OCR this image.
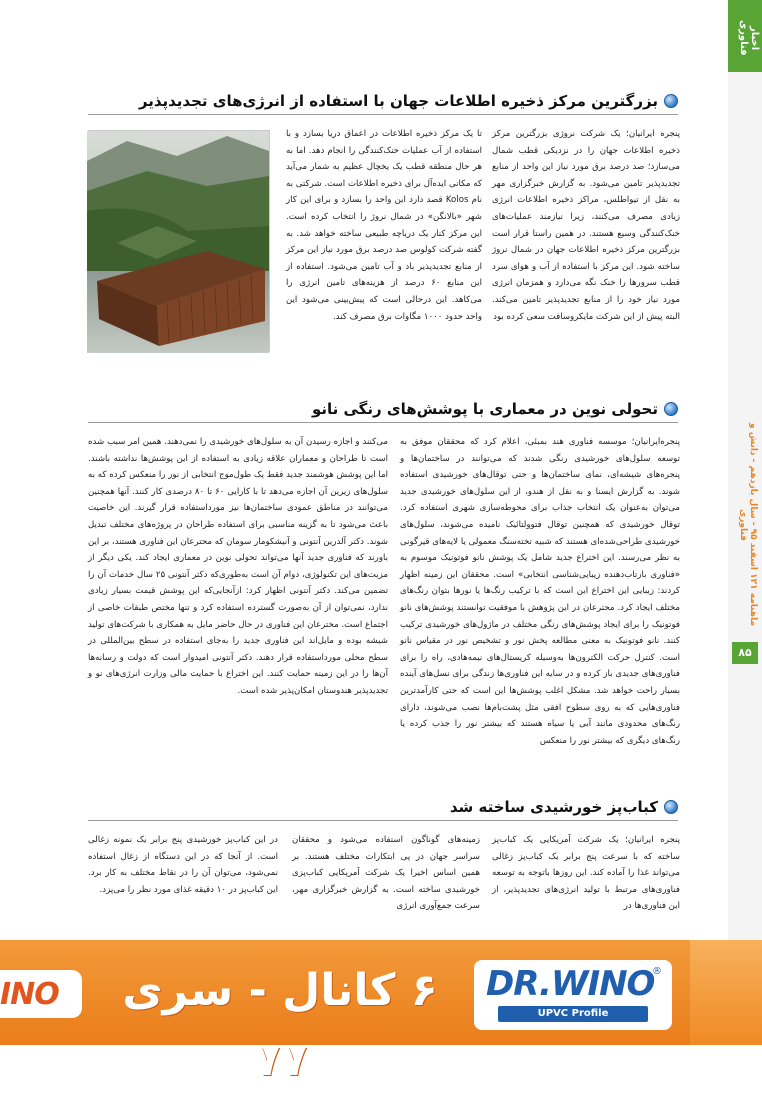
اخبار فناوری
ماهنامه ۱۲۱ اسفند ۹۵ - سال یازدهم - دانش و فناوری
۸۵
بزرگترین مرکز ذخیره اطلاعات جهان با استفاده از انرژی‌های تجدیدپذیر

پنجره ایرانیان؛ یک شرکت نروژی بزرگترین مرکز ذخیره اطلاعات جهان را در نزدیکی قطب شمال می‌سازد؛ صد درصد برق مورد نیاز این واحد از منابع تجدیدپذیر تامین می‌شود. به گزارش خبرگزاری مهر به نقل از تیواطلس، مراکز ذخیره اطلاعات انرژی زیادی مصرف می‌کنند، زیرا نیازمند عملیات‌های خنک‌کنندگی وسیع هستند. در همین راستا قرار است بزرگترین مرکز ذخیره اطلاعات جهان در شمال نروژ ساخته شود. این مرکز با استفاده از آب و هوای سرد قطب سرورها را خنک نگه می‌دارد و همزمان انرژی مورد نیاز خود را از منابع تجدیدپذیر تامین می‌کند. البته پیش از این شرکت مایکروسافت سعی کرده بود

تا یک مرکز ذخیره اطلاعات در اعماق دریا بسازد و با استفاده از آب عملیات خنک‌کنندگی را انجام دهد. اما به هر حال منطقه قطب یک یخچال عظیم به شمار می‌آید که مکانی ایده‌آل برای ذخیره اطلاعات است. شرکتی به نام Kolos قصد دارد این واحد را بسازد و برای این کار شهر «بالانگن» در شمال نروژ را انتخاب کرده است. این مرکز کنار یک دریاچه طبیعی ساخته خواهد شد. به گفته شرکت کولوس صد درصد برق مورد نیاز این مرکز از منابع تجدیدپذیر باد و آب تامین می‌شود. استفاده از این منابع ۶۰ درصد از هزینه‌های تامین انرژی را می‌کاهد. این درحالی است که پیش‌بینی می‌شود این واحد حدود ۱۰۰۰ مگاوات برق مصرف کند.

تحولی نوین در معماری با پوشش‌های رنگی نانو

پنجره‌ایرانیان؛ موسسه فناوری هند بمبئی، اعلام کرد که محققان موفق به توسعه سلول‌های خورشیدی رنگی شدند که می‌توانند در ساختمان‌ها و پنجره‌های شیشه‌ای، نمای ساختمان‌ها و حتی تو‌قال‌های خورشیدی استفاده شوند. به گزارش ایسنا و به نقل از هندو، از این سلول‌های خورشیدی جدید می‌توان به‌عنوان یک انتخاب جذاب برای محوطه‌سازی شهری استفاده کرد. توقال خورشیدی که همچنین توقال فتوولتائیک نامیده می‌شوند، سلول‌های خورشیدی طراحی‌شده‌ای هستند که شبیه تخته‌سنگ معمولی یا لایه‌های قیرگونی به نظر می‌رسند. این اختراع جدید شامل یک پوشش نانو فوتونیک موسوم به «فناوری بازتاب‌دهنده زیبایی‌شناسی انتخابی» است. محققان این زمینه اظهار کردند: زیبایی این اختراع این است که با ترکیب رنگ‌ها یا نورها بتوان رنگ‌های مختلف ایجاد کرد. محترعان در این پژوهش با موفقیت توانستند پوشش‌های نانو فوتونیک را برای ایجاد پوشش‌های رنگی مختلف در ماژول‌های خورشیدی ترکیب کنند. نانو فوتونیک به معنی مطالعه پخش نور و تشخیص نور در مقیاس نانو است. کنترل حرکت الکترون‌ها به‌وسیله کریستال‌های نیمه‌هادی، راه را برای فناوری‌های جدیدی باز کرده و در سایه این فناوری‌ها زندگی برای نسل‌های آینده بسیار راحت خواهد شد. مشکل اغلب پوشش‌ها این است که حتی کارآمدترین فناوری‌هایی که به‌ روی سطوح افقی مثل پشت‌بام‌ها نصب می‌شوند، دارای رنگ‌های محدودی مانند آبی یا سیاه هستند که بیشتر نور را جذب کرده یا رنگ‌های دیگری که بیشتر نور را منعکس

می‌کنند و اجازه رسیدن آن به سلول‌های خورشیدی را نمی‌دهند. همین امر سبب شده است تا طراحان و معماران علاقه زیادی به استفاده از این پوشش‌ها نداشته باشند. اما این پوشش هوشمند جدید فقط یک طول‌موج انتخابی از نور را منعکس کرده که به سلول‌های زیرین آن اجازه می‌دهد تا با کارایی ۶۰ تا ۸۰ درصدی کار کنند. آنها همچنین می‌توانند در مناطق عمودی ساختمان‌ها نیز مورداستفاده قرار گیرند. این خاصیت باعث می‌شود تا به گزینه مناسبی برای استفاده طراحان در پروژه‌های مختلف تبدیل شوند. دکتر آلدرین آنتونی و آنیشکومار سومان که محترعان این فناوری هستند، بر این باورند که فناوری جدید آنها می‌تواند تحولی نوین در معماری ایجاد کند. یکی دیگر از مزیت‌های این تکنولوژی، دوام آن است به‌طوری‌که دکتر آنتونی ۲۵ سال خدمات آن را تضمین می‌کند. دکتر آنتونی اظهار کرد: ازآنجایی‌که این پوشش قیمت بسیار زیادی ندارد، نمی‌توان از آن به‌صورت گسترده استفاده کرد و تنها مختص طبقات خاصی از اجتماع است. مخترعان این فناوری در حال حاضر مایل به همکاری با شرکت‌های تولید شیشه بوده و مایل‌اند این فناوری جدید را به‌جای استفاده در سطح بین‌المللی در سطح محلی مورداستفاده قرار دهند. دکتر آنتونی امیدوار است که دولت و رسانه‌ها آن‌ها را در این زمینه حمایت کنند. این اختراع با حمایت مالی وزارت انرژی‌های نو و تجدیدپذیر هندوستان امکان‌پذیر شده است.

کباب‌پز خورشیدی ساخته شد

پنجره ایرانیان؛ یک شرکت آمریکایی یک کباب‌پز ساخته که با سرعت پنج برابر یک کباب‌پز زغالی می‌تواند غذا را آماده کند. این روزها باتوجه به توسعه فناوری‌های مرتبط با تولید انرژی‌های تجدیدپذیر، از این فناوری‌ها در

زمینه‌های گوناگون استفاده می‌شود و محققان سراسر جهان در پی ابتکارات مختلف هستند. بر همین اساس اخیرا یک شرکت آمریکایی کباب‌پزی خورشیدی ساخته است. به گزارش خبرگزاری مهر، سرعت جمع‌آوری انرژی

در این کباب‌پز خورشیدی پنج برابر یک نمونه زغالی است. از آنجا که در این دستگاه از زغال استفاده نمی‌شود، می‌توان آن را در نقاط مختلف به کار برد. این کباب‌پز در ۱۰ دقیقه غذای مورد نظر را می‌پزد.

INO ۶ کانال - سری ۷۷
DR.WINO
®
UPVC Profile
